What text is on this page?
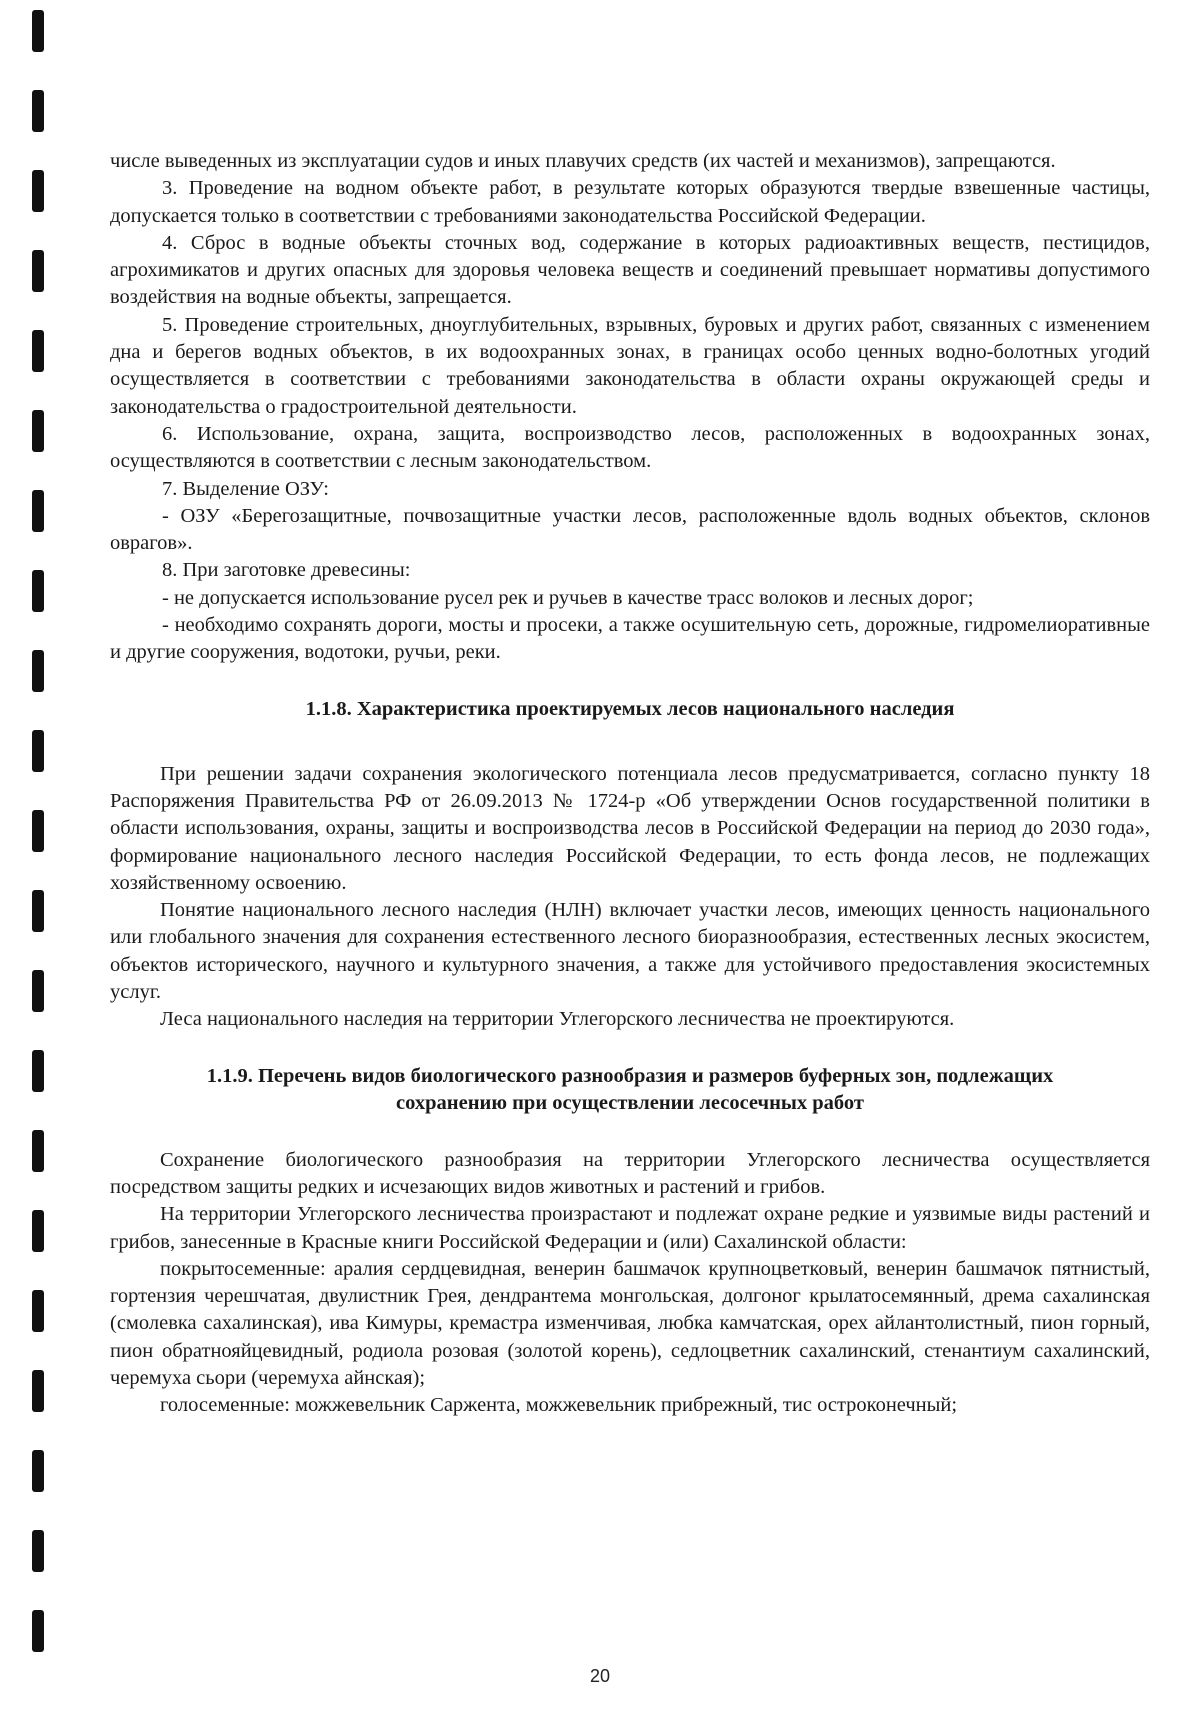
числе выведенных из эксплуатации судов и иных плавучих средств (их частей и механизмов), запрещаются.

3. Проведение на водном объекте работ, в результате которых образуются твердые взвешенные частицы, допускается только в соответствии с требованиями законодательства Российской Федерации.

4. Сброс в водные объекты сточных вод, содержание в которых радиоактивных веществ, пестицидов, агрохимикатов и других опасных для здоровья человека веществ и соединений превышает нормативы допустимого воздействия на водные объекты, запрещается.

5. Проведение строительных, дноуглубительных, взрывных, буровых и других работ, связанных с изменением дна и берегов водных объектов, в их водоохранных зонах, в границах особо ценных водно-болотных угодий осуществляется в соответствии с требованиями законодательства в области охраны окружающей среды и законодательства о градостроительной деятельности.

6. Использование, охрана, защита, воспроизводство лесов, расположенных в водоохранных зонах, осуществляются в соответствии с лесным законодательством.

7. Выделение ОЗУ:

- ОЗУ «Берегозащитные, почвозащитные участки лесов, расположенные вдоль водных объектов, склонов оврагов».

8. При заготовке древесины:

- не допускается использование русел рек и ручьев в качестве трасс волоков и лесных дорог;

- необходимо сохранять дороги, мосты и просеки, а также осушительную сеть, дорожные, гидромелиоративные и другие сооружения, водотоки, ручьи, реки.

1.1.8. Характеристика проектируемых лесов национального наследия

При решении задачи сохранения экологического потенциала лесов предусматривается, согласно пункту 18 Распоряжения Правительства РФ от 26.09.2013 № 1724-р «Об утверждении Основ государственной политики в области использования, охраны, защиты и воспроизводства лесов в Российской Федерации на период до 2030 года», формирование национального лесного наследия Российской Федерации, то есть фонда лесов, не подлежащих хозяйственному освоению.

Понятие национального лесного наследия (НЛН) включает участки лесов, имеющих ценность национального или глобального значения для сохранения естественного лесного биоразнообразия, естественных лесных экосистем, объектов исторического, научного и культурного значения, а также для устойчивого предоставления экосистемных услуг.

Леса национального наследия на территории Углегорского лесничества не проектируются.

1.1.9. Перечень видов биологического разнообразия и размеров буферных зон, подлежащих
сохранению при осуществлении лесосечных работ

Сохранение биологического разнообразия на территории Углегорского лесничества осуществляется посредством защиты редких и исчезающих видов животных и растений и грибов.

На территории Углегорского лесничества произрастают и подлежат охране редкие и уязвимые виды растений и грибов, занесенные в Красные книги Российской Федерации и (или) Сахалинской области:

покрытосеменные: аралия сердцевидная, венерин башмачок крупноцветковый, венерин башмачок пятнистый, гортензия черешчатая, двулистник Грея, дендрантема монгольская, долгоног крылатосемянный, дрема сахалинская (смолевка сахалинская), ива Кимуры, кремастра изменчивая, любка камчатская, орех айлантолистный, пион горный, пион обратнояйцевидный, родиола розовая (золотой корень), седлоцветник сахалинский, стенантиум сахалинский, черемуха сьори (черемуха айнская);

голосеменные: можжевельник Саржента, можжевельник прибрежный, тис остроконечный;

20
